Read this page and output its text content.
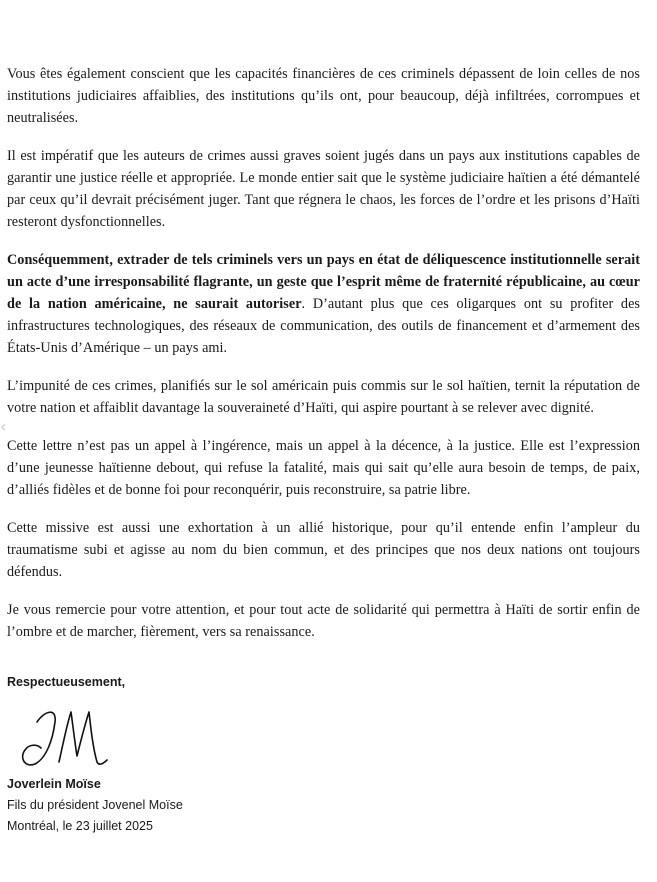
Vous êtes également conscient que les capacités financières de ces criminels dépassent de loin celles de nos institutions judiciaires affaiblies, des institutions qu’ils ont, pour beaucoup, déjà infiltrées, corrompues et neutralisées.

Il est impératif que les auteurs de crimes aussi graves soient jugés dans un pays aux institutions capables de garantir une justice réelle et appropriée. Le monde entier sait que le système judiciaire haïtien a été démantelé par ceux qu’il devrait précisément juger. Tant que régnera le chaos, les forces de l’ordre et les prisons d’Haïti resteront dysfonctionnelles.

Conséquemment, extrader de tels criminels vers un pays en état de déliquescence institutionnelle serait un acte d’une irresponsabilité flagrante, un geste que l’esprit même de fraternité républicaine, au cœur de la nation américaine, ne saurait autoriser. D’autant plus que ces oligarques ont su profiter des infrastructures technologiques, des réseaux de communication, des outils de financement et d’armement des États-Unis d’Amérique – un pays ami.

L’impunité de ces crimes, planifiés sur le sol américain puis commis sur le sol haïtien, ternit la réputation de votre nation et affaiblit davantage la souveraineté d’Haïti, qui aspire pourtant à se relever avec dignité.

Cette lettre n’est pas un appel à l’ingérence, mais un appel à la décence, à la justice. Elle est l’expression d’une jeunesse haïtienne debout, qui refuse la fatalité, mais qui sait qu’elle aura besoin de temps, de paix, d’alliés fidèles et de bonne foi pour reconquérir, puis reconstruire, sa patrie libre.

Cette missive est aussi une exhortation à un allié historique, pour qu’il entende enfin l’ampleur du traumatisme subi et agisse au nom du bien commun, et des principes que nos deux nations ont toujours défendus.

Je vous remercie pour votre attention, et pour tout acte de solidarité qui permettra à Haïti de sortir enfin de l’ombre et de marcher, fièrement, vers sa renaissance.

Respectueusement,
Joverlein Moïse
Fils du président Jovenel Moïse
Montréal, le 23 juillet 2025
‹
